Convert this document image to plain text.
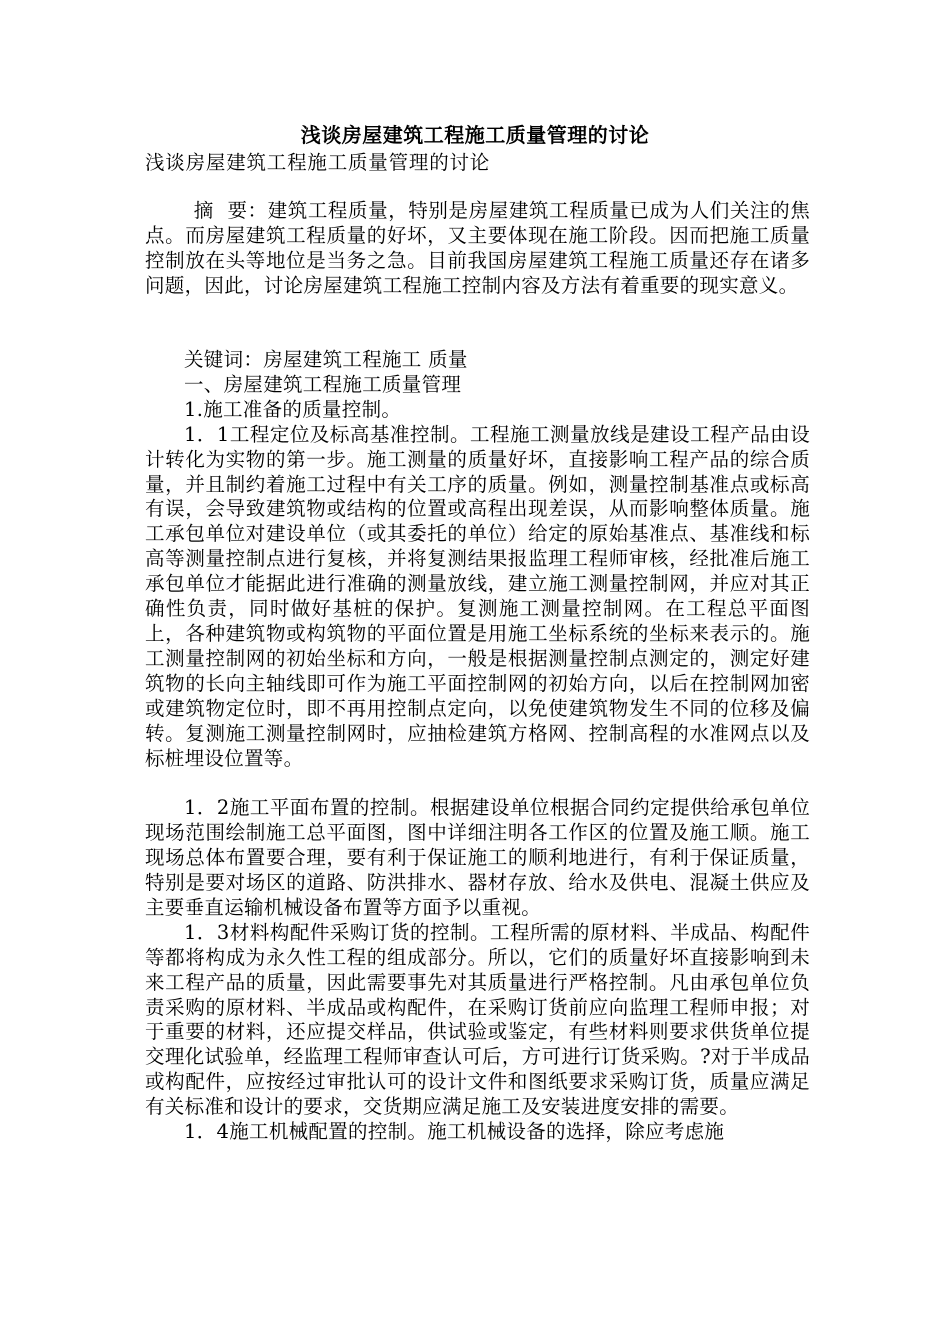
浅谈房屋建筑工程施工质量管理的讨论
浅谈房屋建筑工程施工质量管理的讨论

摘  要：建筑工程质量，特别是房屋建筑工程质量已成为人们关注的焦点。而房屋建筑工程质量的好坏，又主要体现在施工阶段。因而把施工质量控制放在头等地位是当务之急。目前我国房屋建筑工程施工质量还存在诸多问题，因此，讨论房屋建筑工程施工控制内容及方法有着重要的现实意义。

关键词：房屋建筑工程施工 质量

一、房屋建筑工程施工质量管理

1.施工准备的质量控制。

1．1工程定位及标高基准控制。工程施工测量放线是建设工程产品由设计转化为实物的第一步。施工测量的质量好坏，直接影响工程产品的综合质量，并且制约着施工过程中有关工序的质量。例如，测量控制基准点或标高有误，会导致建筑物或结构的位置或高程出现差误，从而影响整体质量。施工承包单位对建设单位（或其委托的单位）给定的原始基准点、基准线和标高等测量控制点进行复核，并将复测结果报监理工程师审核，经批准后施工承包单位才能据此进行准确的测量放线，建立施工测量控制网，并应对其正确性负责，同时做好基桩的保护。复测施工测量控制网。在工程总平面图上，各种建筑物或构筑物的平面位置是用施工坐标系统的坐标来表示的。施工测量控制网的初始坐标和方向，一般是根据测量控制点测定的，测定好建筑物的长向主轴线即可作为施工平面控制网的初始方向，以后在控制网加密或建筑物定位时，即不再用控制点定向，以免使建筑物发生不同的位移及偏转。复测施工测量控制网时，应抽检建筑方格网、控制高程的水准网点以及标桩埋设位置等。

1．2施工平面布置的控制。根据建设单位根据合同约定提供给承包单位现场范围绘制施工总平面图，图中详细注明各工作区的位置及施工顺。施工现场总体布置要合理，要有利于保证施工的顺利地进行，有利于保证质量，特别是要对场区的道路、防洪排水、器材存放、给水及供电、混凝土供应及主要垂直运输机械设备布置等方面予以重视。

1．3材料构配件采购订货的控制。工程所需的原材料、半成品、构配件等都将构成为永久性工程的组成部分。所以，它们的质量好坏直接影响到未来工程产品的质量，因此需要事先对其质量进行严格控制。凡由承包单位负责采购的原材料、半成品或构配件，在采购订货前应向监理工程师申报；对于重要的材料，还应提交样品，供试验或鉴定，有些材料则要求供货单位提交理化试验单，经监理工程师审查认可后，方可进行订货采购。?对于半成品或构配件，应按经过审批认可的设计文件和图纸要求采购订货，质量应满足有关标准和设计的要求，交货期应满足施工及安装进度安排的需要。

1．4施工机械配置的控制。施工机械设备的选择，除应考虑施
